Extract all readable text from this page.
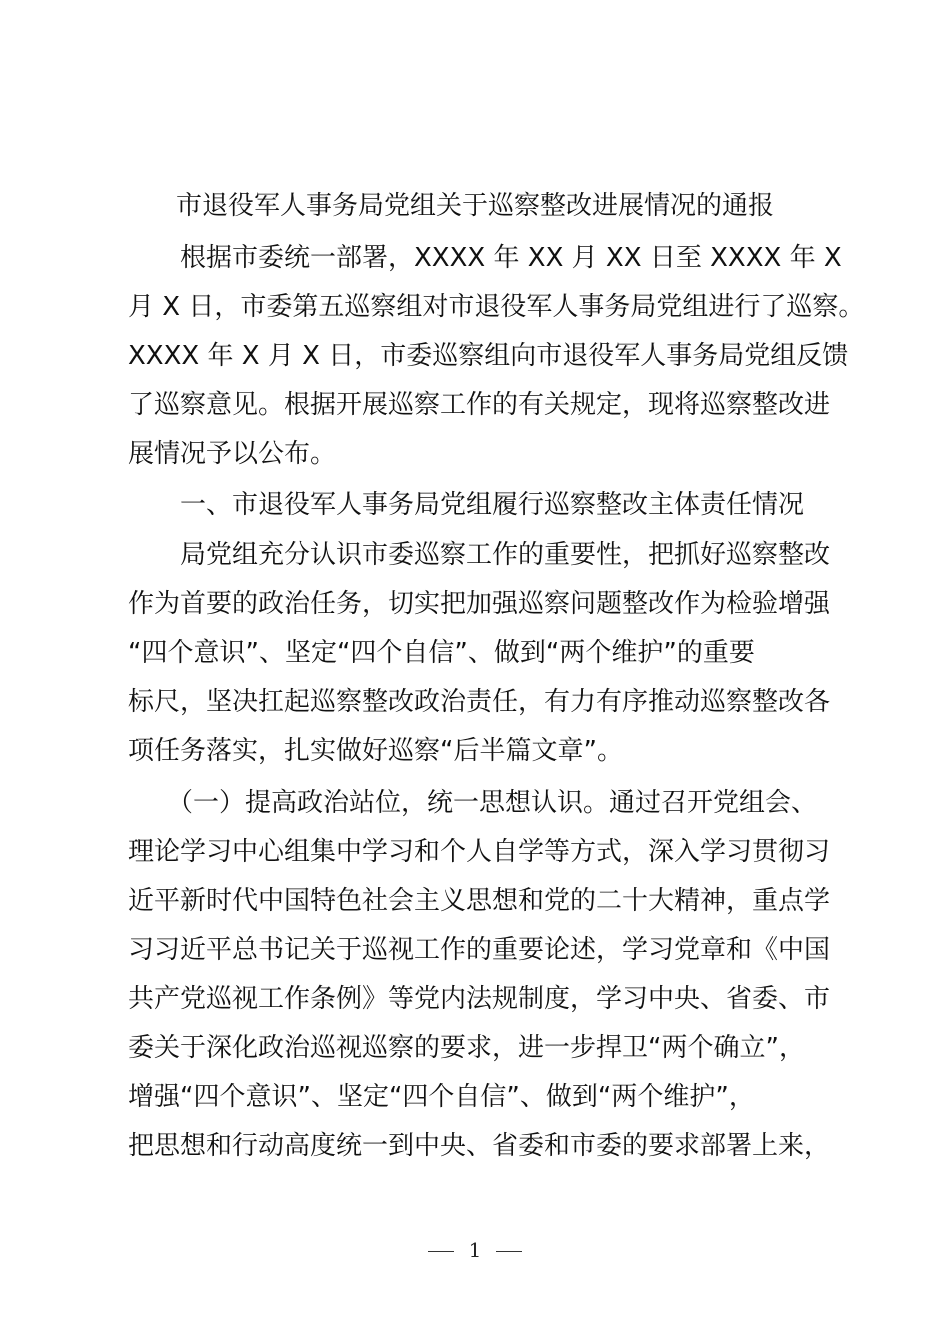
市退役军人事务局党组关于巡察整改进展情况的通报

　　根据市委统一部署，XXXX 年 XX 月 XX 日至 XXXX 年 X

月 X 日，市委第五巡察组对市退役军人事务局党组进行了巡察。

XXXX 年 X 月 X 日，市委巡察组向市退役军人事务局党组反馈

了巡察意见。根据开展巡察工作的有关规定，现将巡察整改进

展情况予以公布。

　　一、市退役军人事务局党组履行巡察整改主体责任情况

　　局党组充分认识市委巡察工作的重要性，把抓好巡察整改

作为首要的政治任务，切实把加强巡察问题整改作为检验增强

“四个意识”、坚定“四个自信”、做到“两个维护”的重要

标尺，坚决扛起巡察整改政治责任，有力有序推动巡察整改各

项任务落实，扎实做好巡察“后半篇文章”。

　　（一）提高政治站位，统一思想认识。通过召开党组会、

理论学习中心组集中学习和个人自学等方式，深入学习贯彻习

近平新时代中国特色社会主义思想和党的二十大精神，重点学

习习近平总书记关于巡视工作的重要论述，学习党章和《中国

共产党巡视工作条例》等党内法规制度，学习中央、省委、市

委关于深化政治巡视巡察的要求，进一步捍卫“两个确立”，

增强“四个意识”、坚定“四个自信”、做到“两个维护”，

把思想和行动高度统一到中央、省委和市委的要求部署上来，

1
